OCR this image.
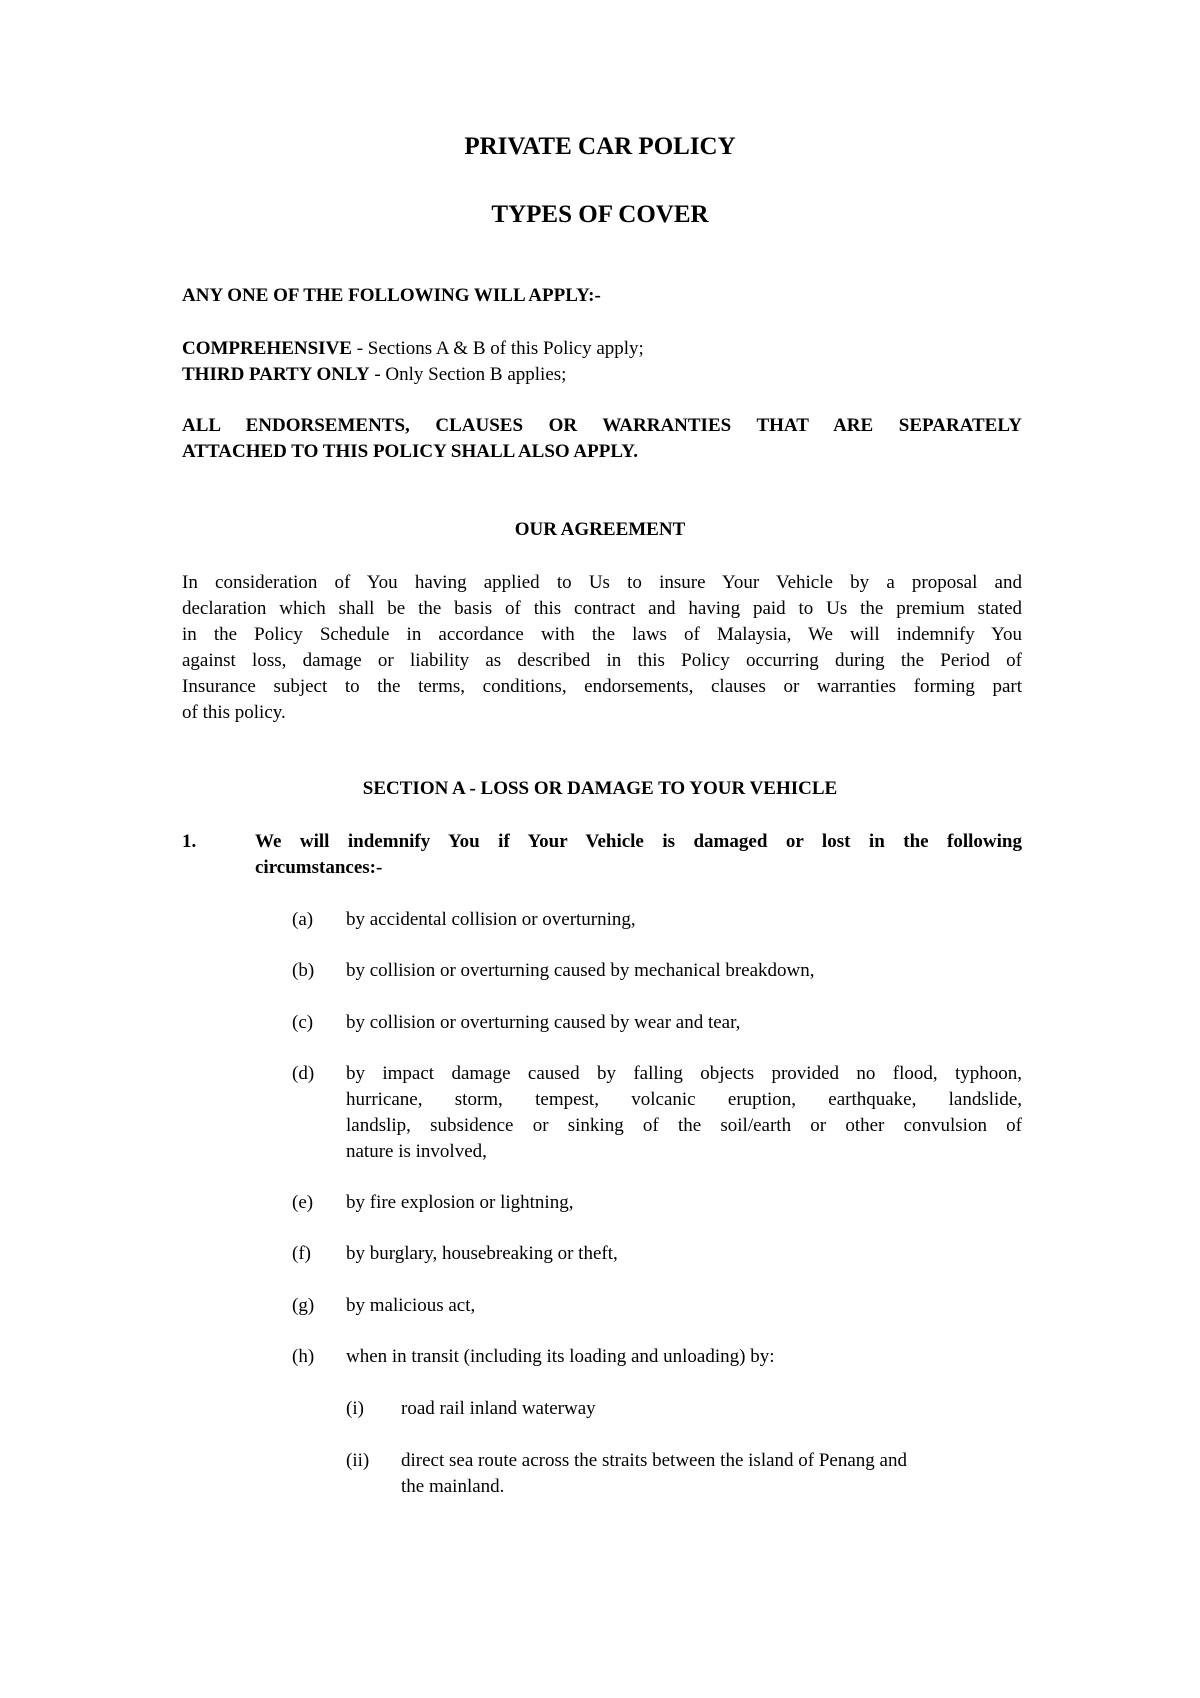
PRIVATE CAR POLICY
TYPES OF COVER
ANY ONE OF THE FOLLOWING WILL APPLY:-
COMPREHENSIVE - Sections A & B of this Policy apply;
THIRD PARTY ONLY - Only Section B applies;
ALL ENDORSEMENTS, CLAUSES OR WARRANTIES THAT ARE SEPARATELY
ATTACHED TO THIS POLICY SHALL ALSO APPLY.
OUR AGREEMENT
In consideration of You having applied to Us to insure Your Vehicle by a proposal and
declaration which shall be the basis of this contract and having paid to Us the premium stated
in the Policy Schedule in accordance with the laws of Malaysia, We will indemnify You
against loss, damage or liability as described in this Policy occurring during the Period of
Insurance subject to the terms, conditions, endorsements, clauses or warranties forming part
of this policy.
SECTION A - LOSS OR DAMAGE TO YOUR VEHICLE
1.	We will indemnify You if Your Vehicle is damaged or lost in the following
circumstances:-
(a)	by accidental collision or overturning,
(b)	by collision or overturning caused by mechanical breakdown,
(c)	by collision or overturning caused by wear and tear,
(d)	by impact damage caused by falling objects provided no flood, typhoon,
hurricane, storm, tempest, volcanic eruption, earthquake, landslide,
landslip, subsidence or sinking of the soil/earth or other convulsion of
nature is involved,
(e)	by fire explosion or lightning,
(f)	by burglary, housebreaking or theft,
(g)	by malicious act,
(h)	when in transit (including its loading and unloading) by:
(i)	road rail inland waterway
(ii)	direct sea route across the straits between the island of Penang and
the mainland.
